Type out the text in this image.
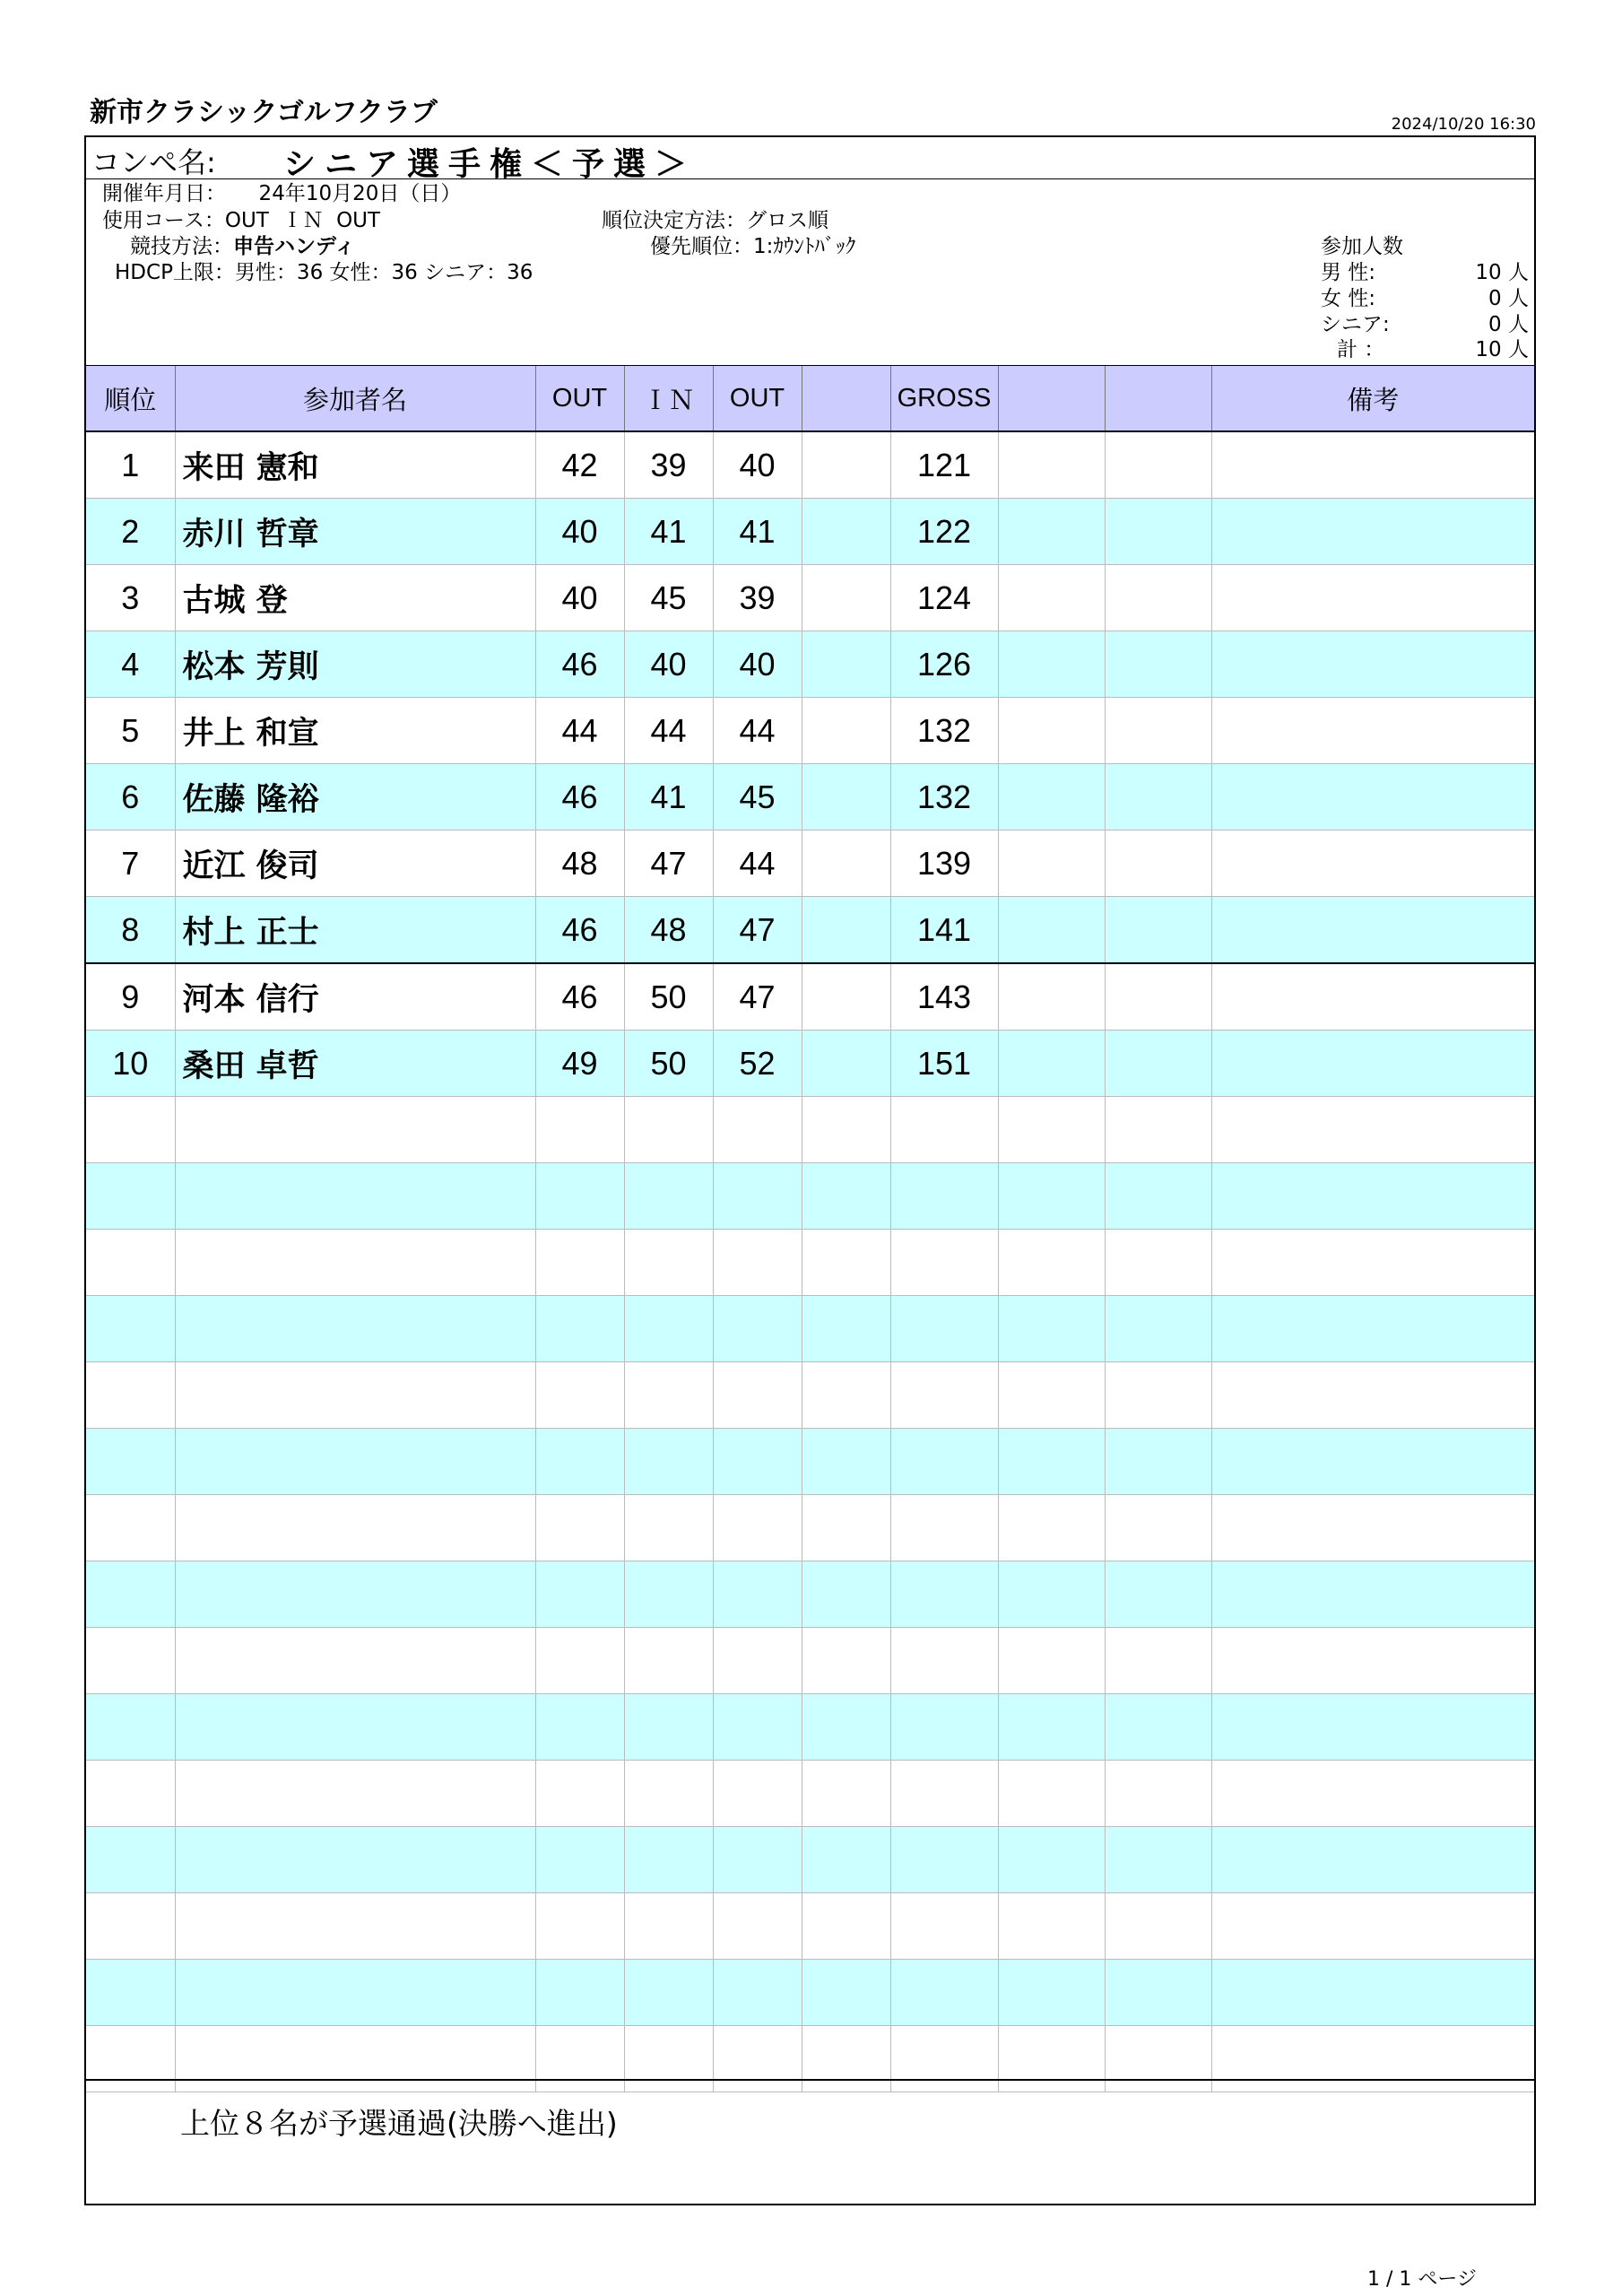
新市クラシックゴルフクラブ	2024/10/20 16:30
コンペ名: シニア選手権＜予選＞
開催年月日：     24年10月20日（日）
使用コース：OUT  ＩＮ  OUT
競技方法：申告ハンディ
HDCP上限：男性：36 女性：36 シニア：36
順位決定方法：グロス順
優先順位：1:ｶｳﾝﾄﾊﾞｯｸ	参加人数
男 性:	10 人
女 性:	0 人
シニア:	0 人
計 ：	10 人
順位	参加者名	OUT	ＩＮ	OUT		GROSS			備考
1	来田 憲和	42	39	40		121			
2	赤川 哲章	40	41	41		122			
3	古城 登	40	45	39		124			
4	松本 芳則	46	40	40		126			
5	井上 和宣	44	44	44		132			
6	佐藤 隆裕	46	41	45		132			
7	近江 俊司	48	47	44		139			
8	村上 正士	46	48	47		141			
9	河本 信行	46	50	47		143			
10	桑田 卓哲	49	50	52		151			

上位８名が予選通過(決勝へ進出)
1 / 1 ページ
